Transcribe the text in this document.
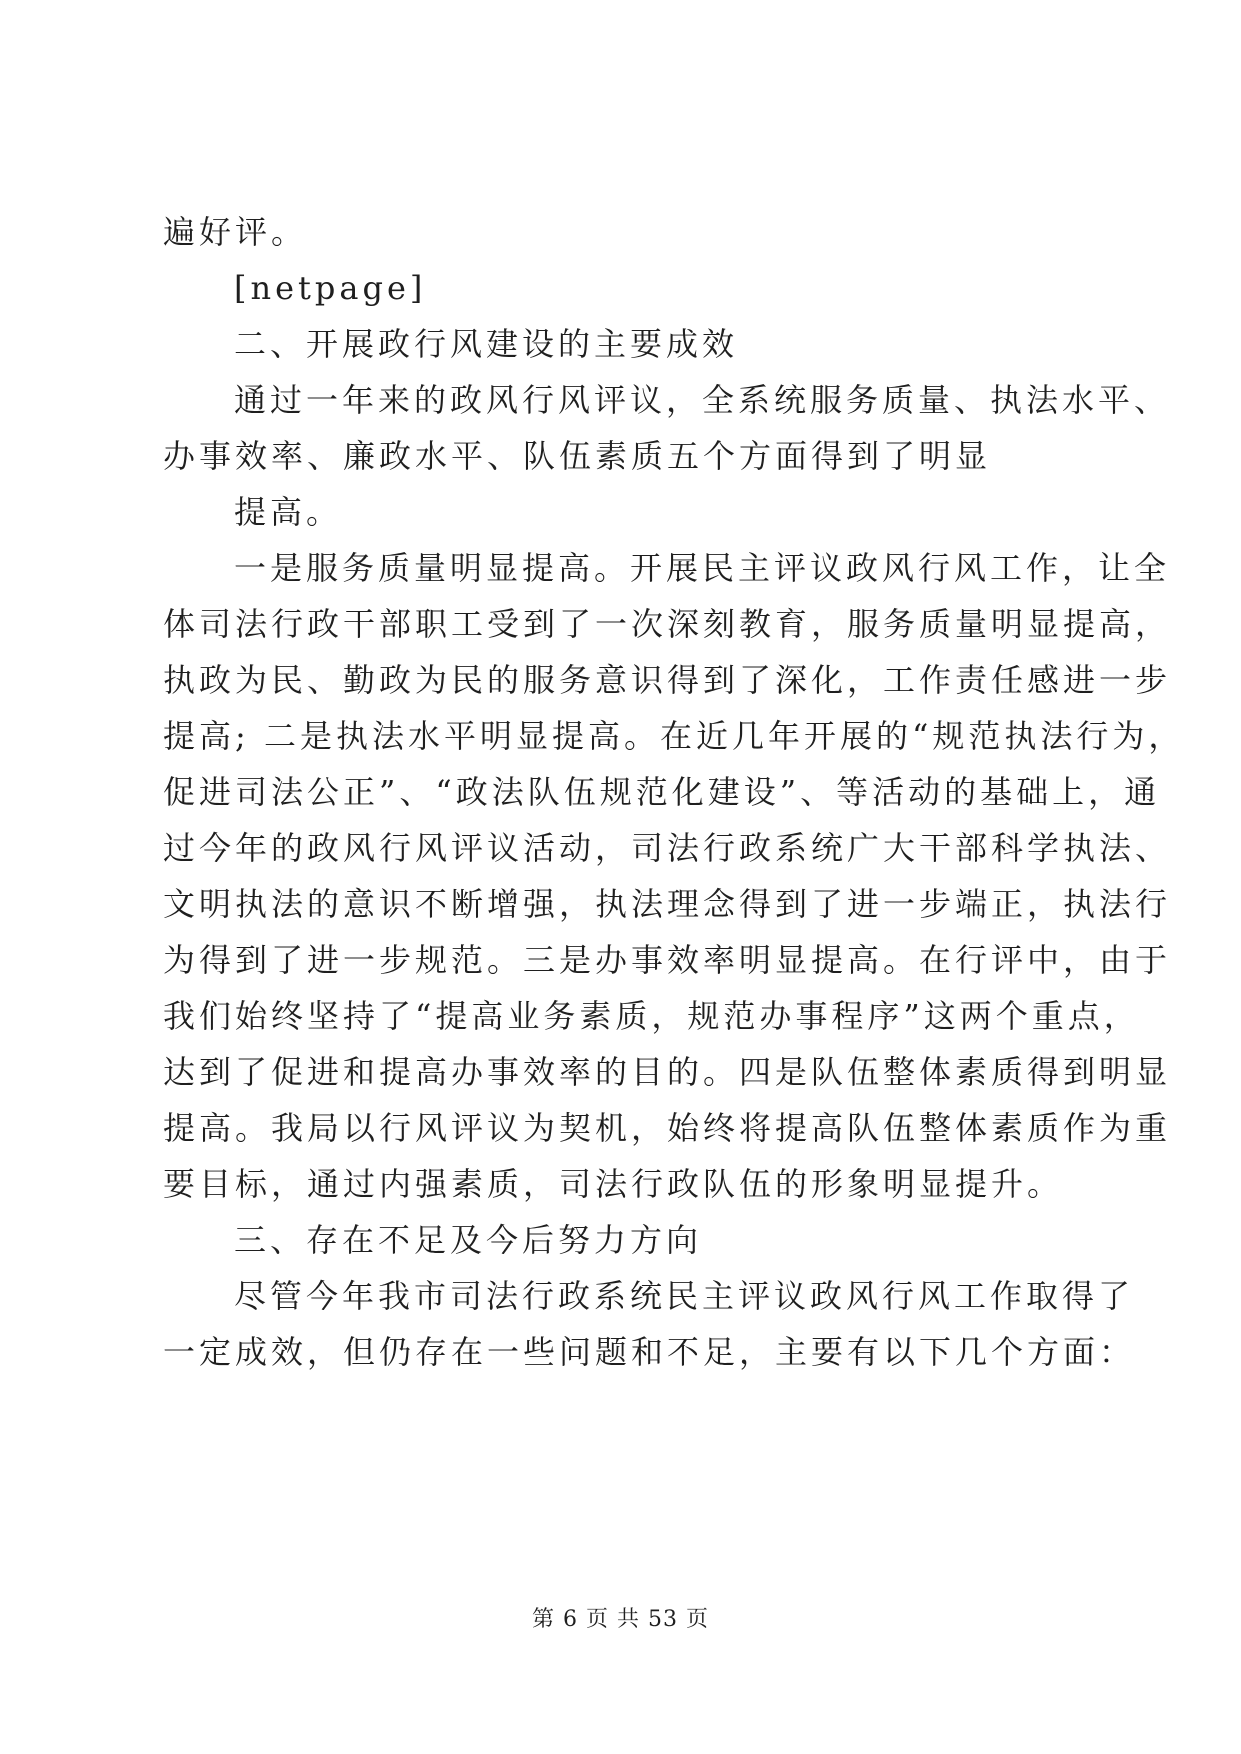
遍好评。
[netpage]
二、开展政行风建设的主要成效
通过一年来的政风行风评议，全系统服务质量、执法水平、
办事效率、廉政水平、队伍素质五个方面得到了明显
提高。
一是服务质量明显提高。开展民主评议政风行风工作，让全
体司法行政干部职工受到了一次深刻教育，服务质量明显提高，
执政为民、勤政为民的服务意识得到了深化，工作责任感进一步
提高; 二是执法水平明显提高。在近几年开展的“规范执法行为，
促进司法公正”、“政法队伍规范化建设”、等活动的基础上，通
过今年的政风行风评议活动，司法行政系统广大干部科学执法、
文明执法的意识不断增强，执法理念得到了进一步端正，执法行
为得到了进一步规范。三是办事效率明显提高。在行评中，由于
我们始终坚持了“提高业务素质，规范办事程序”这两个重点，
达到了促进和提高办事效率的目的。四是队伍整体素质得到明显
提高。我局以行风评议为契机，始终将提高队伍整体素质作为重
要目标，通过内强素质，司法行政队伍的形象明显提升。
三、存在不足及今后努力方向
尽管今年我市司法行政系统民主评议政风行风工作取得了
一定成效，但仍存在一些问题和不足，主要有以下几个方面：
第 6 页 共 53 页
